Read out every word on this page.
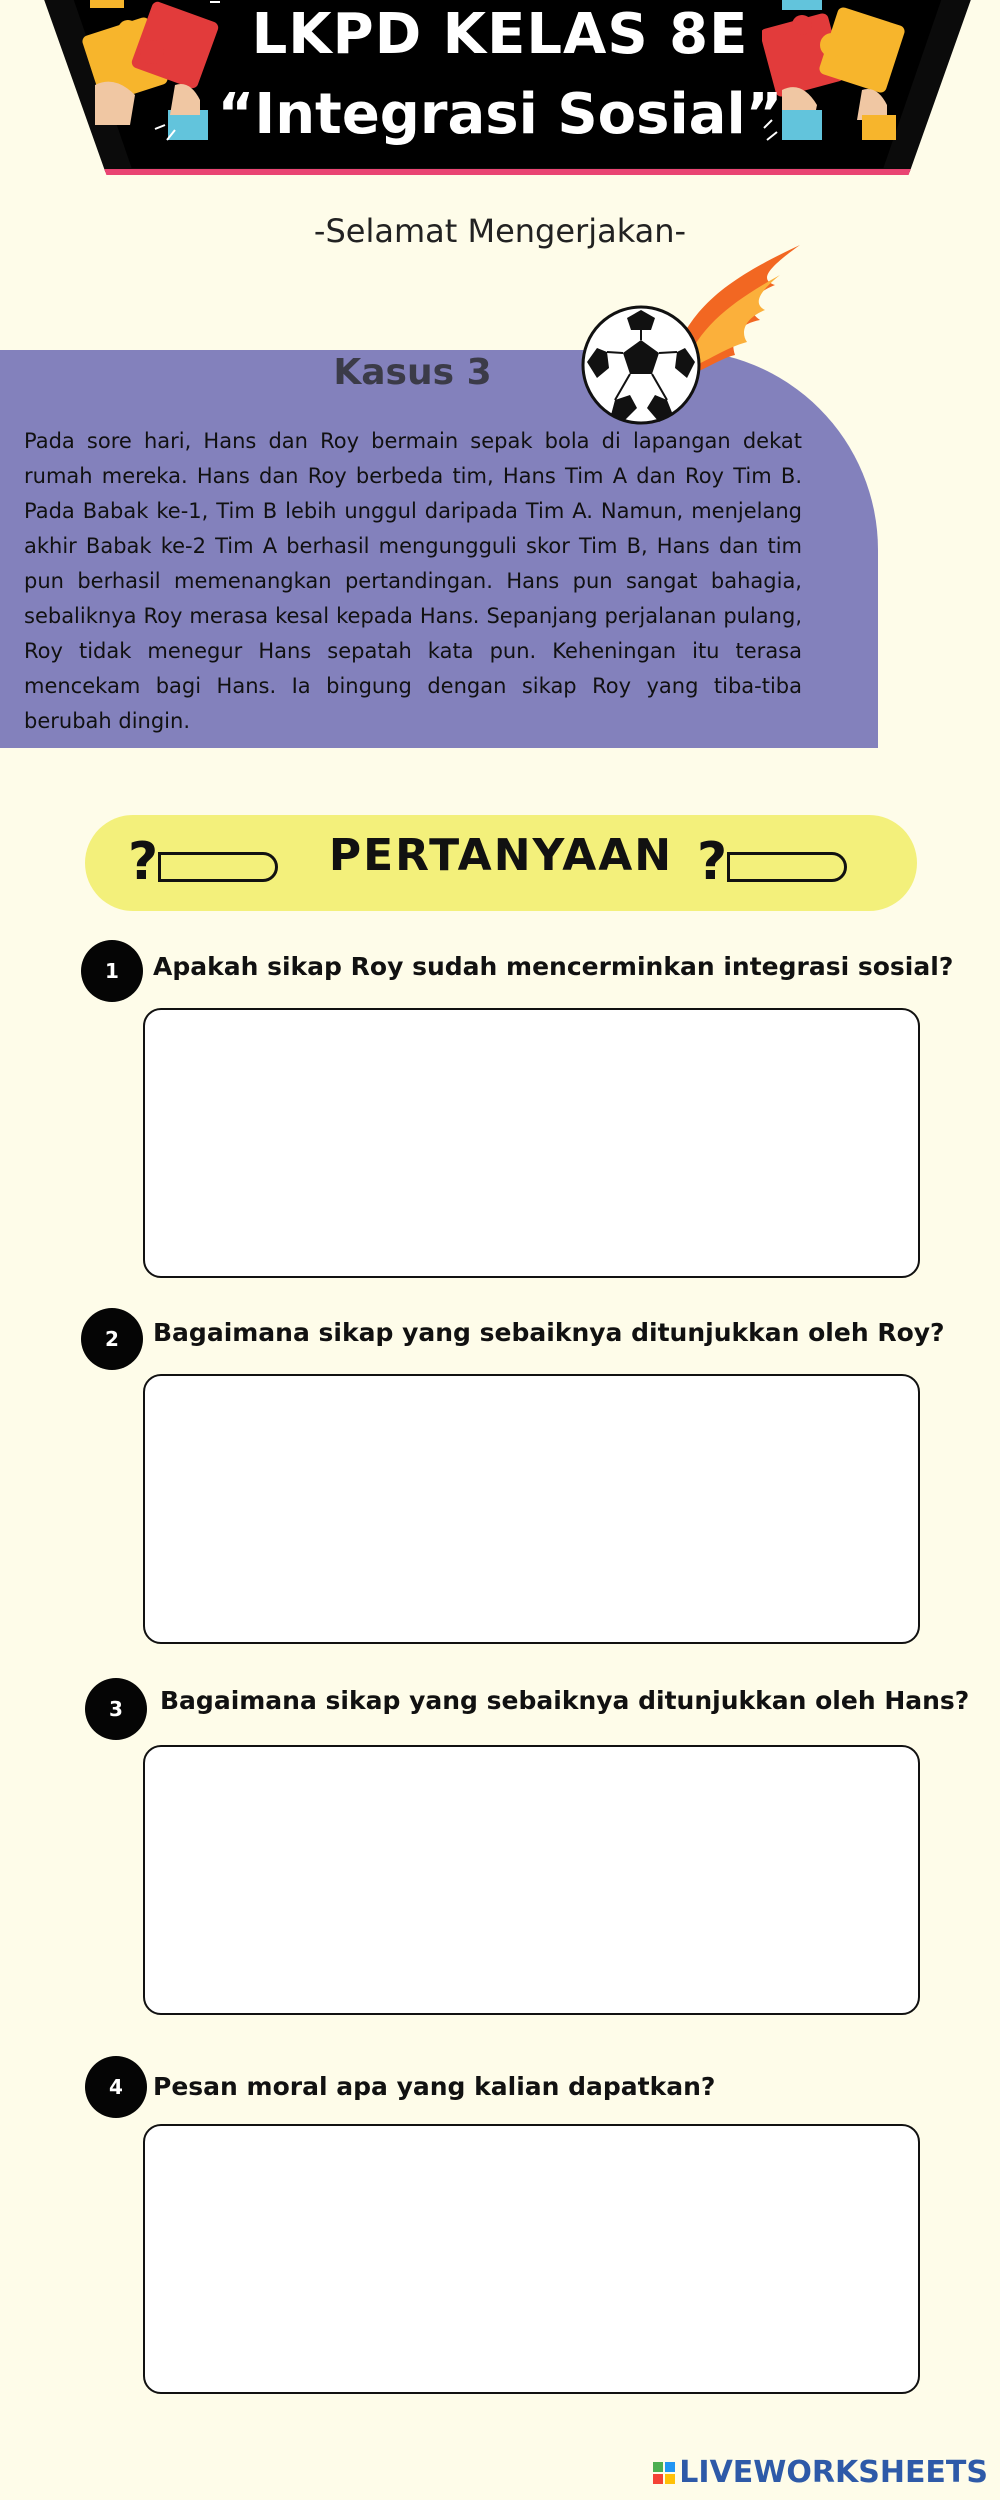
LKPD KELAS 8E
“Integrasi Sosial”
-Selamat Mengerjakan-
Kasus 3
Pada sore hari, Hans dan Roy bermain sepak bola di lapangan dekat rumah mereka. Hans dan Roy berbeda tim, Hans Tim A dan Roy Tim B. Pada Babak ke-1, Tim B lebih unggul daripada Tim A. Namun, menjelang akhir Babak ke-2 Tim A berhasil mengungguli skor Tim B, Hans dan tim pun berhasil memenangkan pertandingan. Hans pun sangat bahagia, sebaliknya Roy merasa kesal kepada Hans. Sepanjang perjalanan pulang, Roy tidak menegur Hans sepatah kata pun. Keheningan itu terasa mencekam bagi Hans. Ia bingung dengan sikap Roy yang tiba-tiba berubah dingin.
?	PERTANYAAN ?
1	Apakah sikap Roy sudah mencerminkan integrasi sosial?
2	Bagaimana sikap yang sebaiknya ditunjukkan oleh Roy?
3	Bagaimana sikap yang sebaiknya ditunjukkan oleh Hans?
4	Pesan moral apa yang kalian dapatkan?
LIVEWORKSHEETS
